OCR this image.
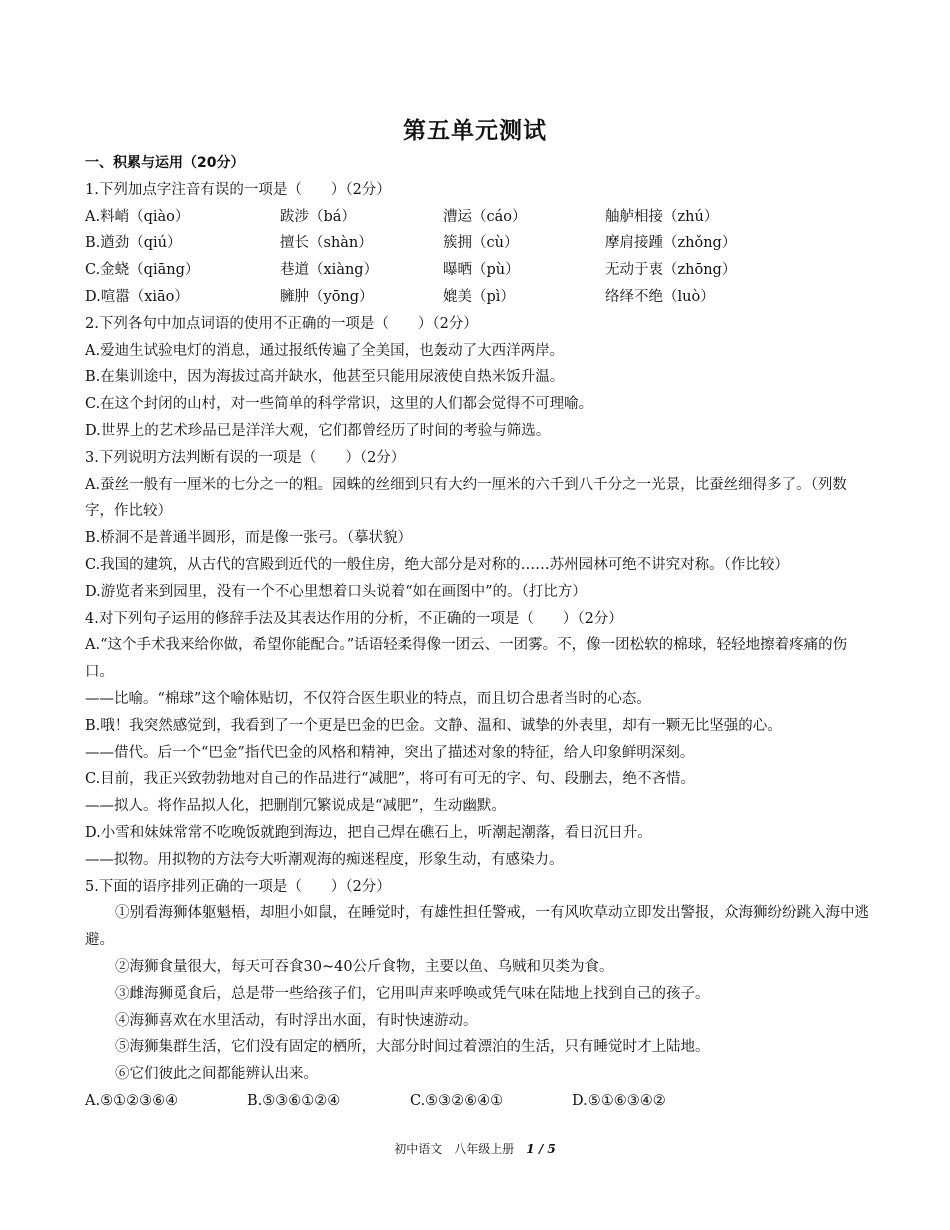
第五单元测试
一、积累与运用（20分）
1.下列加点字注音有误的一项是（　　）（2分）
A.料峭（qiào）	跋涉（bá）	漕运（cáo）	舳舻相接（zhú）
B.遒劲（qiú）	擅长（shàn）	簇拥（cù）	摩肩接踵（zhǒng）
C.金蛲（qiāng）	巷道（xiàng）	曝晒（pù）	无动于衷（zhōng）
D.喧嚣（xiāo）	臃肿（yōng）	媲美（pì）	络绎不绝（luò）
2.下列各句中加点词语的使用不正确的一项是（　　）（2分）
A.爱迪生试验电灯的消息，通过报纸传遍了全美国，也轰动了大西洋两岸。
B.在集训途中，因为海拔过高并缺水，他甚至只能用尿液使自热米饭升温。
C.在这个封闭的山村，对一些简单的科学常识，这里的人们都会觉得不可理喻。
D.世界上的艺术珍品已是洋洋大观，它们都曾经历了时间的考验与筛选。
3.下列说明方法判断有误的一项是（　　）（2分）
A.蚕丝一般有一厘米的七分之一的粗。园蛛的丝细到只有大约一厘米的六千到八千分之一光景，比蚕丝细得多了。（列数字，作比较）
B.桥洞不是普通半圆形，而是像一张弓。（摹状貌）
C.我国的建筑，从古代的宫殿到近代的一般住房，绝大部分是对称的……苏州园林可绝不讲究对称。（作比较）
D.游览者来到园里，没有一个不心里想着口头说着“如在画图中”的。（打比方）
4.对下列句子运用的修辞手法及其表达作用的分析，不正确的一项是（　　）（2分）
A.“这个手术我来给你做，希望你能配合。”话语轻柔得像一团云、一团雾。不，像一团松软的棉球，轻轻地擦着疼痛的伤口。
——比喻。“棉球”这个喻体贴切，不仅符合医生职业的特点，而且切合患者当时的心态。
B.哦！我突然感觉到，我看到了一个更是巴金的巴金。文静、温和、诚挚的外表里，却有一颗无比坚强的心。
——借代。后一个“巴金”指代巴金的风格和精神，突出了描述对象的特征，给人印象鲜明深刻。
C.目前，我正兴致勃勃地对自己的作品进行“减肥”，将可有可无的字、句、段删去，绝不吝惜。
——拟人。将作品拟人化，把删削冗繁说成是“减肥”，生动幽默。
D.小雪和妹妹常常不吃晚饭就跑到海边，把自己焊在礁石上，听潮起潮落，看日沉日升。
——拟物。用拟物的方法夸大听潮观海的痴迷程度，形象生动，有感染力。
5.下面的语序排列正确的一项是（　　）（2分）
①别看海狮体躯魁梧，却胆小如鼠，在睡觉时，有雄性担任警戒，一有风吹草动立即发出警报，众海狮纷纷跳入海中逃避。
②海狮食量很大，每天可吞食30~40公斤食物，主要以鱼、乌贼和贝类为食。
③雌海狮觅食后，总是带一些给孩子们，它用叫声来呼唤或凭气味在陆地上找到自己的孩子。
④海狮喜欢在水里活动，有时浮出水面，有时快速游动。
⑤海狮集群生活，它们没有固定的栖所，大部分时间过着漂泊的生活，只有睡觉时才上陆地。
⑥它们彼此之间都能辨认出来。
A.⑤①②③⑥④	B.⑤③⑥①②④	C.⑤③②⑥④①	D.⑤①⑥③④②
初中语文　八年级上册　 1 / 5
